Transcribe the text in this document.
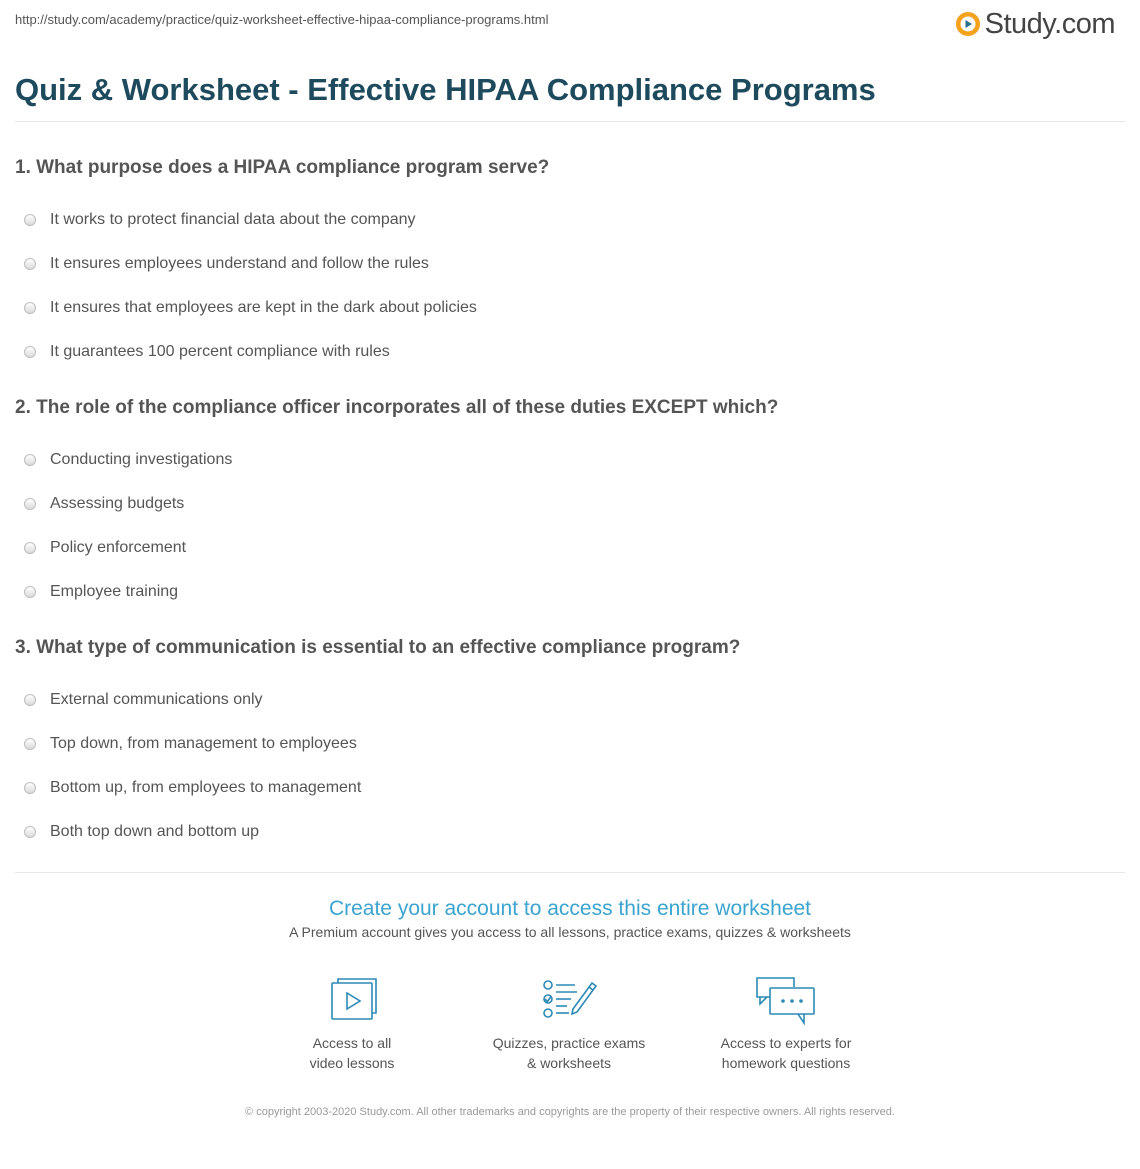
http://study.com/academy/practice/quiz-worksheet-effective-hipaa-compliance-programs.html	Study.com
Quiz & Worksheet - Effective HIPAA Compliance Programs

1. What purpose does a HIPAA compliance program serve?

It works to protect financial data about the company
It ensures employees understand and follow the rules
It ensures that employees are kept in the dark about policies
It guarantees 100 percent compliance with rules

2. The role of the compliance officer incorporates all of these duties EXCEPT which?

Conducting investigations
Assessing budgets
Policy enforcement
Employee training

3. What type of communication is essential to an effective compliance program?

External communications only
Top down, from management to employees
Bottom up, from employees to management
Both top down and bottom up
Create your account to access this entire worksheet
A Premium account gives you access to all lessons, practice exams, quizzes & worksheets
Access to all
video lessons
Quizzes, practice exams
& worksheets
Access to experts for
homework questions
© copyright 2003-2020 Study.com. All other trademarks and copyrights are the property of their respective owners. All rights reserved.
